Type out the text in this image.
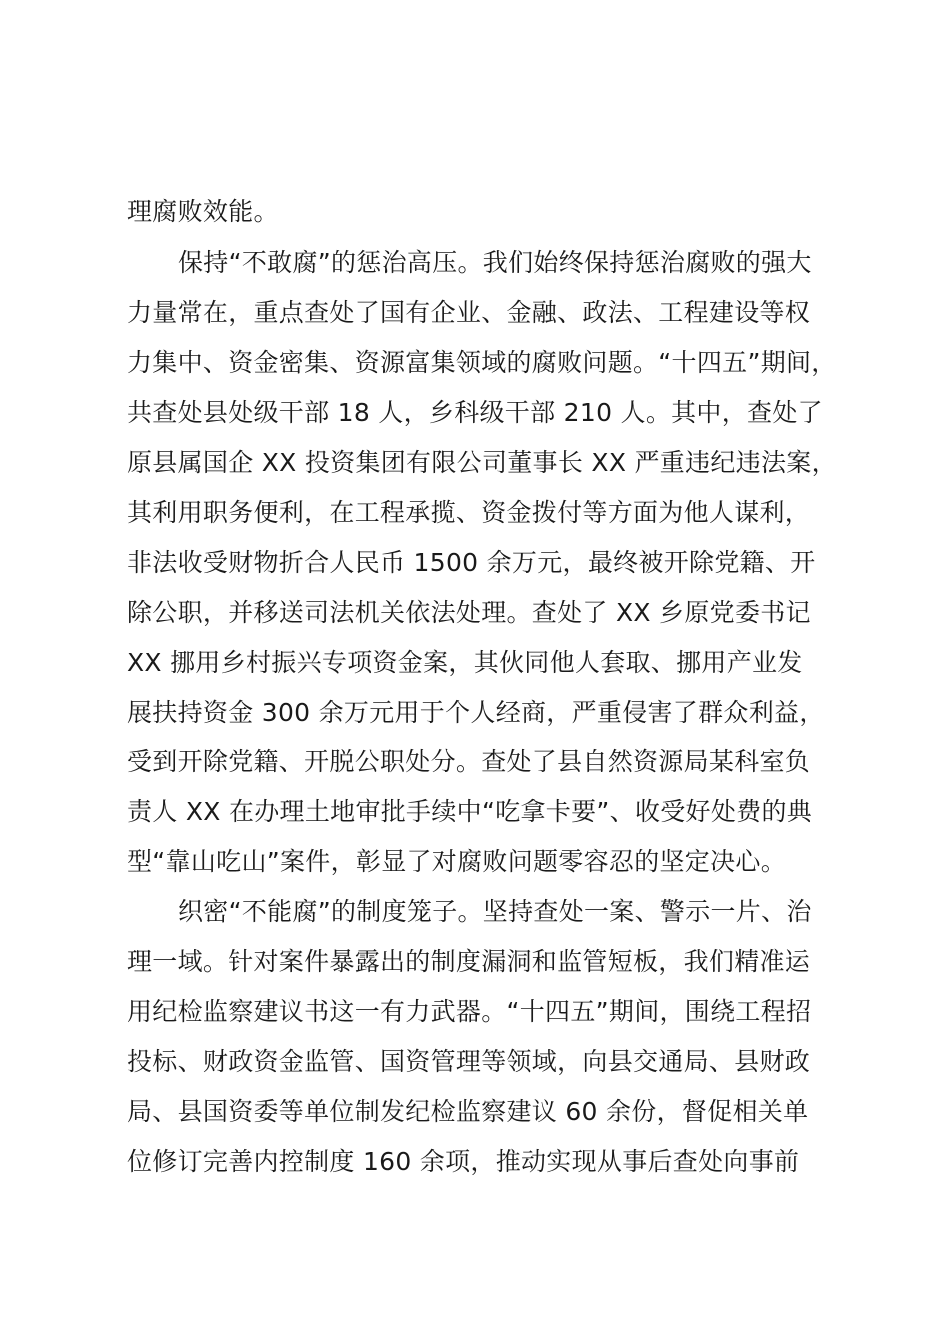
理腐败效能。
保持“不敢腐”的惩治高压。我们始终保持惩治腐败的强大
力量常在，重点查处了国有企业、金融、政法、工程建设等权
力集中、资金密集、资源富集领域的腐败问题。“十四五”期间，
共查处县处级干部 18 人，乡科级干部 210 人。其中，查处了
原县属国企 XX 投资集团有限公司董事长 XX 严重违纪违法案，
其利用职务便利，在工程承揽、资金拨付等方面为他人谋利，
非法收受财物折合人民币 1500 余万元，最终被开除党籍、开
除公职，并移送司法机关依法处理。查处了 XX 乡原党委书记
XX 挪用乡村振兴专项资金案，其伙同他人套取、挪用产业发
展扶持资金 300 余万元用于个人经商，严重侵害了群众利益，
受到开除党籍、开脱公职处分。查处了县自然资源局某科室负
责人 XX 在办理土地审批手续中“吃拿卡要”、收受好处费的典
型“靠山吃山”案件，彰显了对腐败问题零容忍的坚定决心。
织密“不能腐”的制度笼子。坚持查处一案、警示一片、治
理一域。针对案件暴露出的制度漏洞和监管短板，我们精准运
用纪检监察建议书这一有力武器。“十四五”期间，围绕工程招
投标、财政资金监管、国资管理等领域，向县交通局、县财政
局、县国资委等单位制发纪检监察建议 60 余份，督促相关单
位修订完善内控制度 160 余项，推动实现从事后查处向事前
